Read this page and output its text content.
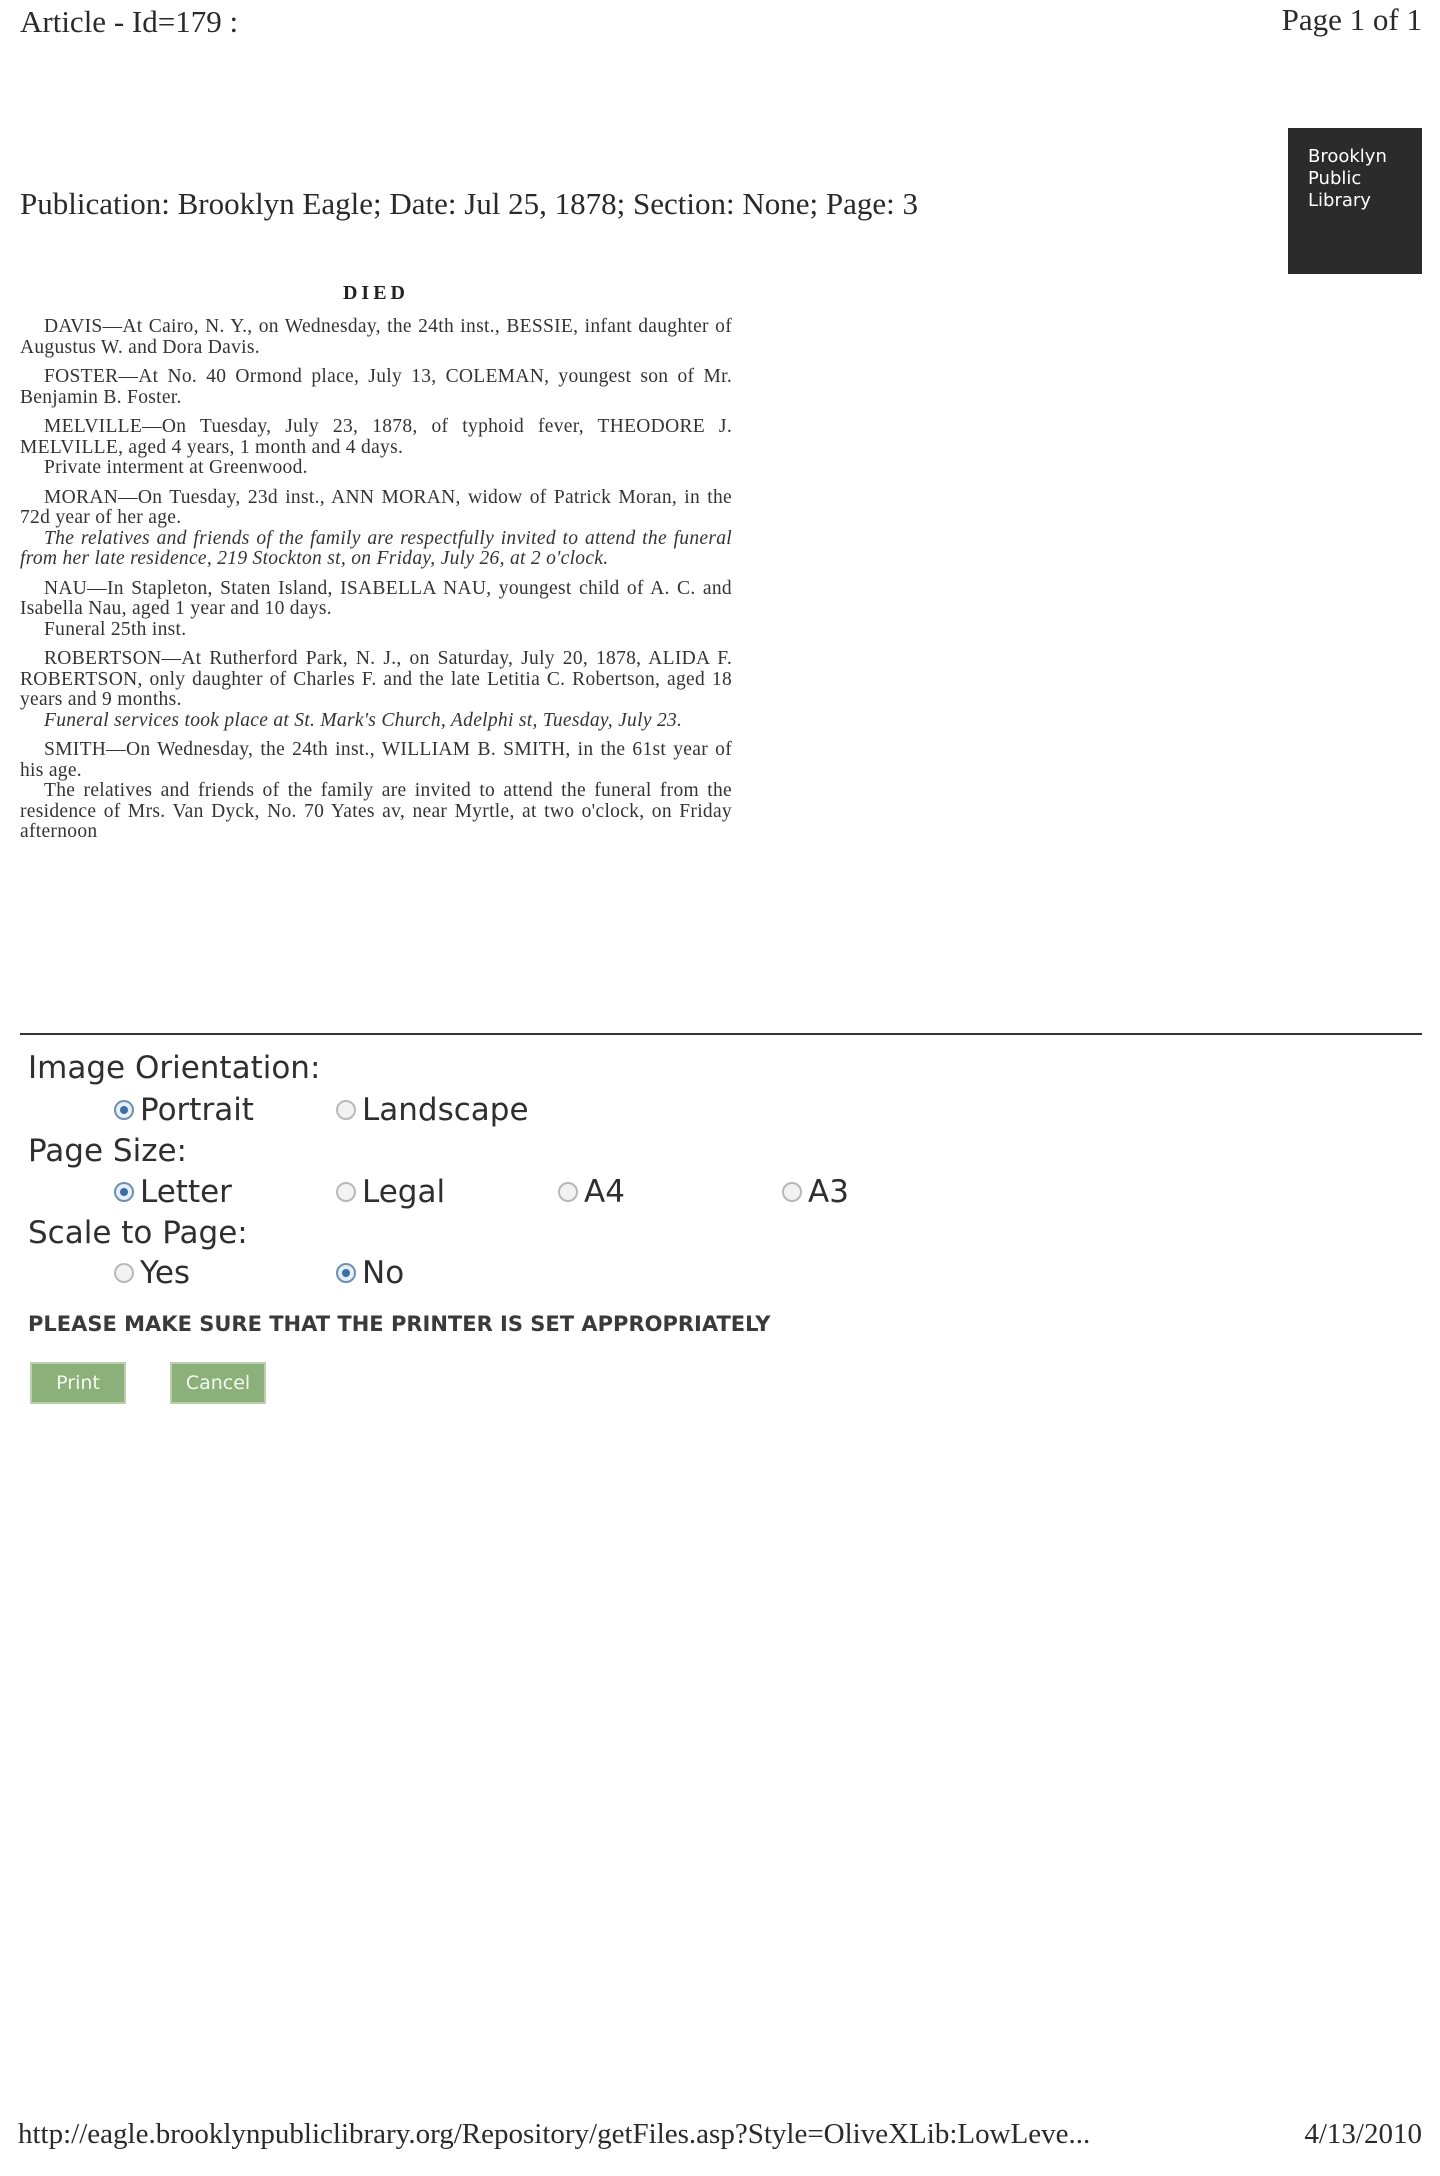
Article - Id=179 :	Page 1 of 1
Brooklyn
Public
Library
Publication: Brooklyn Eagle; Date: Jul 25, 1878; Section: None; Page: 3
DIED
DAVIS—At Cairo, N. Y., on Wednesday, the 24th inst., BESSIE, infant daughter of Augustus W. and Dora Davis.
FOSTER—At No. 40 Ormond place, July 13, COLEMAN, youngest son of Mr. Benjamin B. Foster.
MELVILLE—On Tuesday, July 23, 1878, of typhoid fever, THEODORE J. MELVILLE, aged 4 years, 1 month and 4 days.
Private interment at Greenwood.
MORAN—On Tuesday, 23d inst., ANN MORAN, widow of Patrick Moran, in the 72d year of her age.
The relatives and friends of the family are respectfully invited to attend the funeral from her late residence, 219 Stockton st, on Friday, July 26, at 2 o'clock.
NAU—In Stapleton, Staten Island, ISABELLA NAU, youngest child of A. C. and Isabella Nau, aged 1 year and 10 days.
Funeral 25th inst.
ROBERTSON—At Rutherford Park, N. J., on Saturday, July 20, 1878, ALIDA F. ROBERTSON, only daughter of Charles F. and the late Letitia C. Robertson, aged 18 years and 9 months.
Funeral services took place at St. Mark's Church, Adelphi st, Tuesday, July 23.
SMITH—On Wednesday, the 24th inst., WILLIAM B. SMITH, in the 61st year of his age.
The relatives and friends of the family are invited to attend the funeral from the residence of Mrs. Van Dyck, No. 70 Yates av, near Myrtle, at two o'clock, on Friday afternoon
Image Orientation:
Portrait	Landscape
Page Size:
Letter	Legal	A4	A3
Scale to Page:
Yes	No
PLEASE MAKE SURE THAT THE PRINTER IS SET APPROPRIATELY
Print	Cancel
http://eagle.brooklynpubliclibrary.org/Repository/getFiles.asp?Style=OliveXLib:LowLeve...	4/13/2010
